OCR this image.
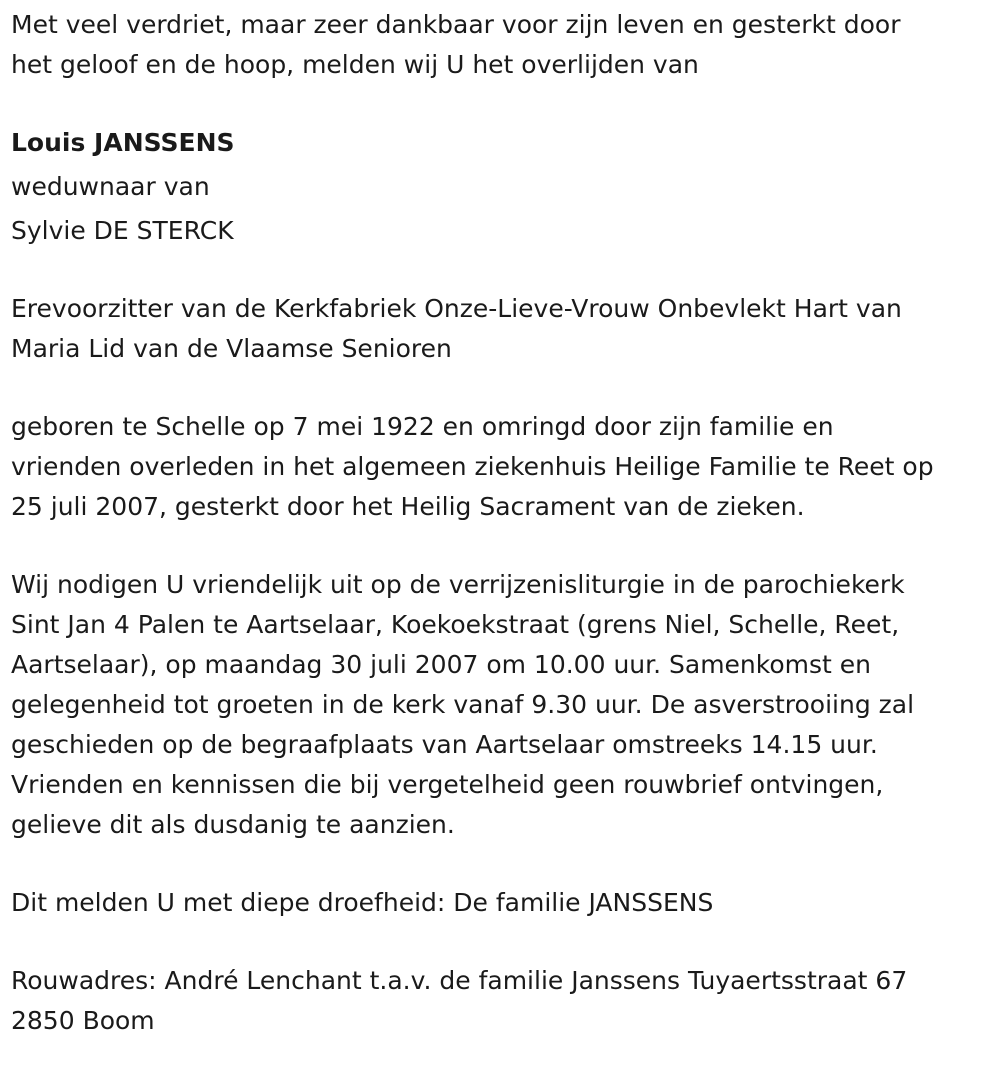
Met veel verdriet, maar zeer dankbaar voor zijn leven en gesterkt door
het geloof en de hoop, melden wij U het overlijden van
Louis JANSSENS
weduwnaar van
Sylvie DE STERCK
Erevoorzitter van de Kerkfabriek Onze-Lieve-Vrouw Onbevlekt Hart van
Maria Lid van de Vlaamse Senioren
geboren te Schelle op 7 mei 1922 en omringd door zijn familie en
vrienden overleden in het algemeen ziekenhuis Heilige Familie te Reet op
25 juli 2007, gesterkt door het Heilig Sacrament van de zieken.
Wij nodigen U vriendelijk uit op de verrijzenisliturgie in de parochiekerk
Sint Jan 4 Palen te Aartselaar, Koekoekstraat (grens Niel, Schelle, Reet,
Aartselaar), op maandag 30 juli 2007 om 10.00 uur. Samenkomst en
gelegenheid tot groeten in de kerk vanaf 9.30 uur. De asverstrooiing zal
geschieden op de begraafplaats van Aartselaar omstreeks 14.15 uur.
Vrienden en kennissen die bij vergetelheid geen rouwbrief ontvingen,
gelieve dit als dusdanig te aanzien.
Dit melden U met diepe droefheid: De familie JANSSENS
Rouwadres: André Lenchant t.a.v. de familie Janssens Tuyaertsstraat 67
2850 Boom
